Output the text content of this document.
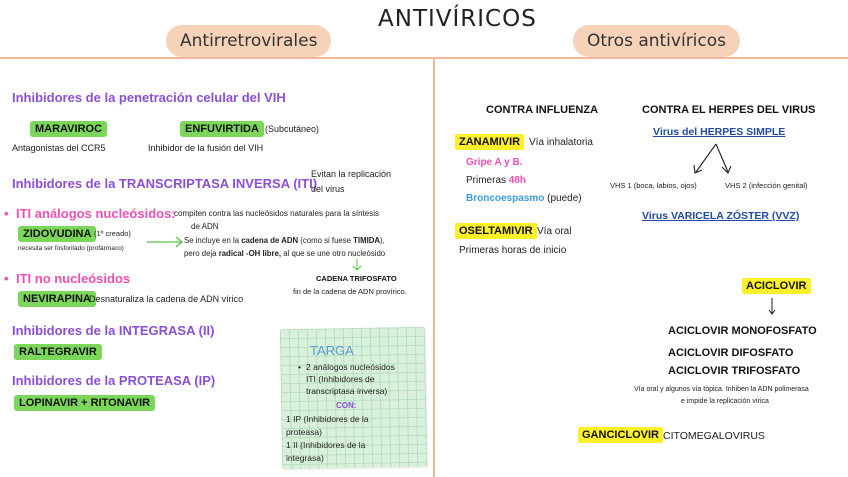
ANTIVÍRICOS
Antirretrovirales	Otros antivíricos
Inhibidores de la penetración celular del VIH
MARAVIROC
Antagonistas del CCR5
ENFUVIRTIDA (Subcutáneo)
Inhibidor de la fusión del VIH
Inhibidores de la TRANSCRIPTASA INVERSA (ITI)
Evitan la replicación
del virus
• ITI análogos nucleósidos:
compiten contra las nucleósidos naturales para la síntesis
de ADN
ZIDOVUDINA (1º creado)
necesita ser fosforilado (profármaco)
Se incluye en la cadena de ADN (como si fuese TIMIDA),
pero deja radical -OH libre, al que se une otro nucleósido
CADENA TRIFOSFATO
fin de la cadena de ADN provírico.
• ITI no nucleósidos
NEVIRAPINA
Desnaturaliza la cadena de ADN vírico
Inhibidores de la INTEGRASA (II)
RALTEGRAVIR
Inhibidores de la PROTEASA (IP)
LOPINAVIR + RITONAVIR
TARGA
• 2 análogos nucleósidos
ITI (Inhibidores de
transcriptasa inversa)
CON:
1 IP (Inhibidores de la
proteasa)
1 II (Inhibidores de la
integrasa)
CONTRA INFLUENZA
ZANAMIVIR Vía inhalatoria
Gripe A y B.
Primeras 48h
Broncoespasmo (puede)
OSELTAMIVIR Vía oral
Primeras horas de inicio
CONTRA EL HERPES DEL VIRUS
Virus del HERPES SIMPLE
VHS 1 (boca, labios, ojos)	VHS 2 (infección genital)
Virus VARICELA ZÓSTER (VVZ)
ACICLOVIR
ACICLOVIR MONOFOSFATO
ACICLOVIR DIFOSFATO
ACICLOVIR TRIFOSFATO
Vía oral y algunos vía tópica. Inhiben la ADN polimerasa
e impide la replicación vírica
GANCICLOVIR CITOMEGALOVIRUS
